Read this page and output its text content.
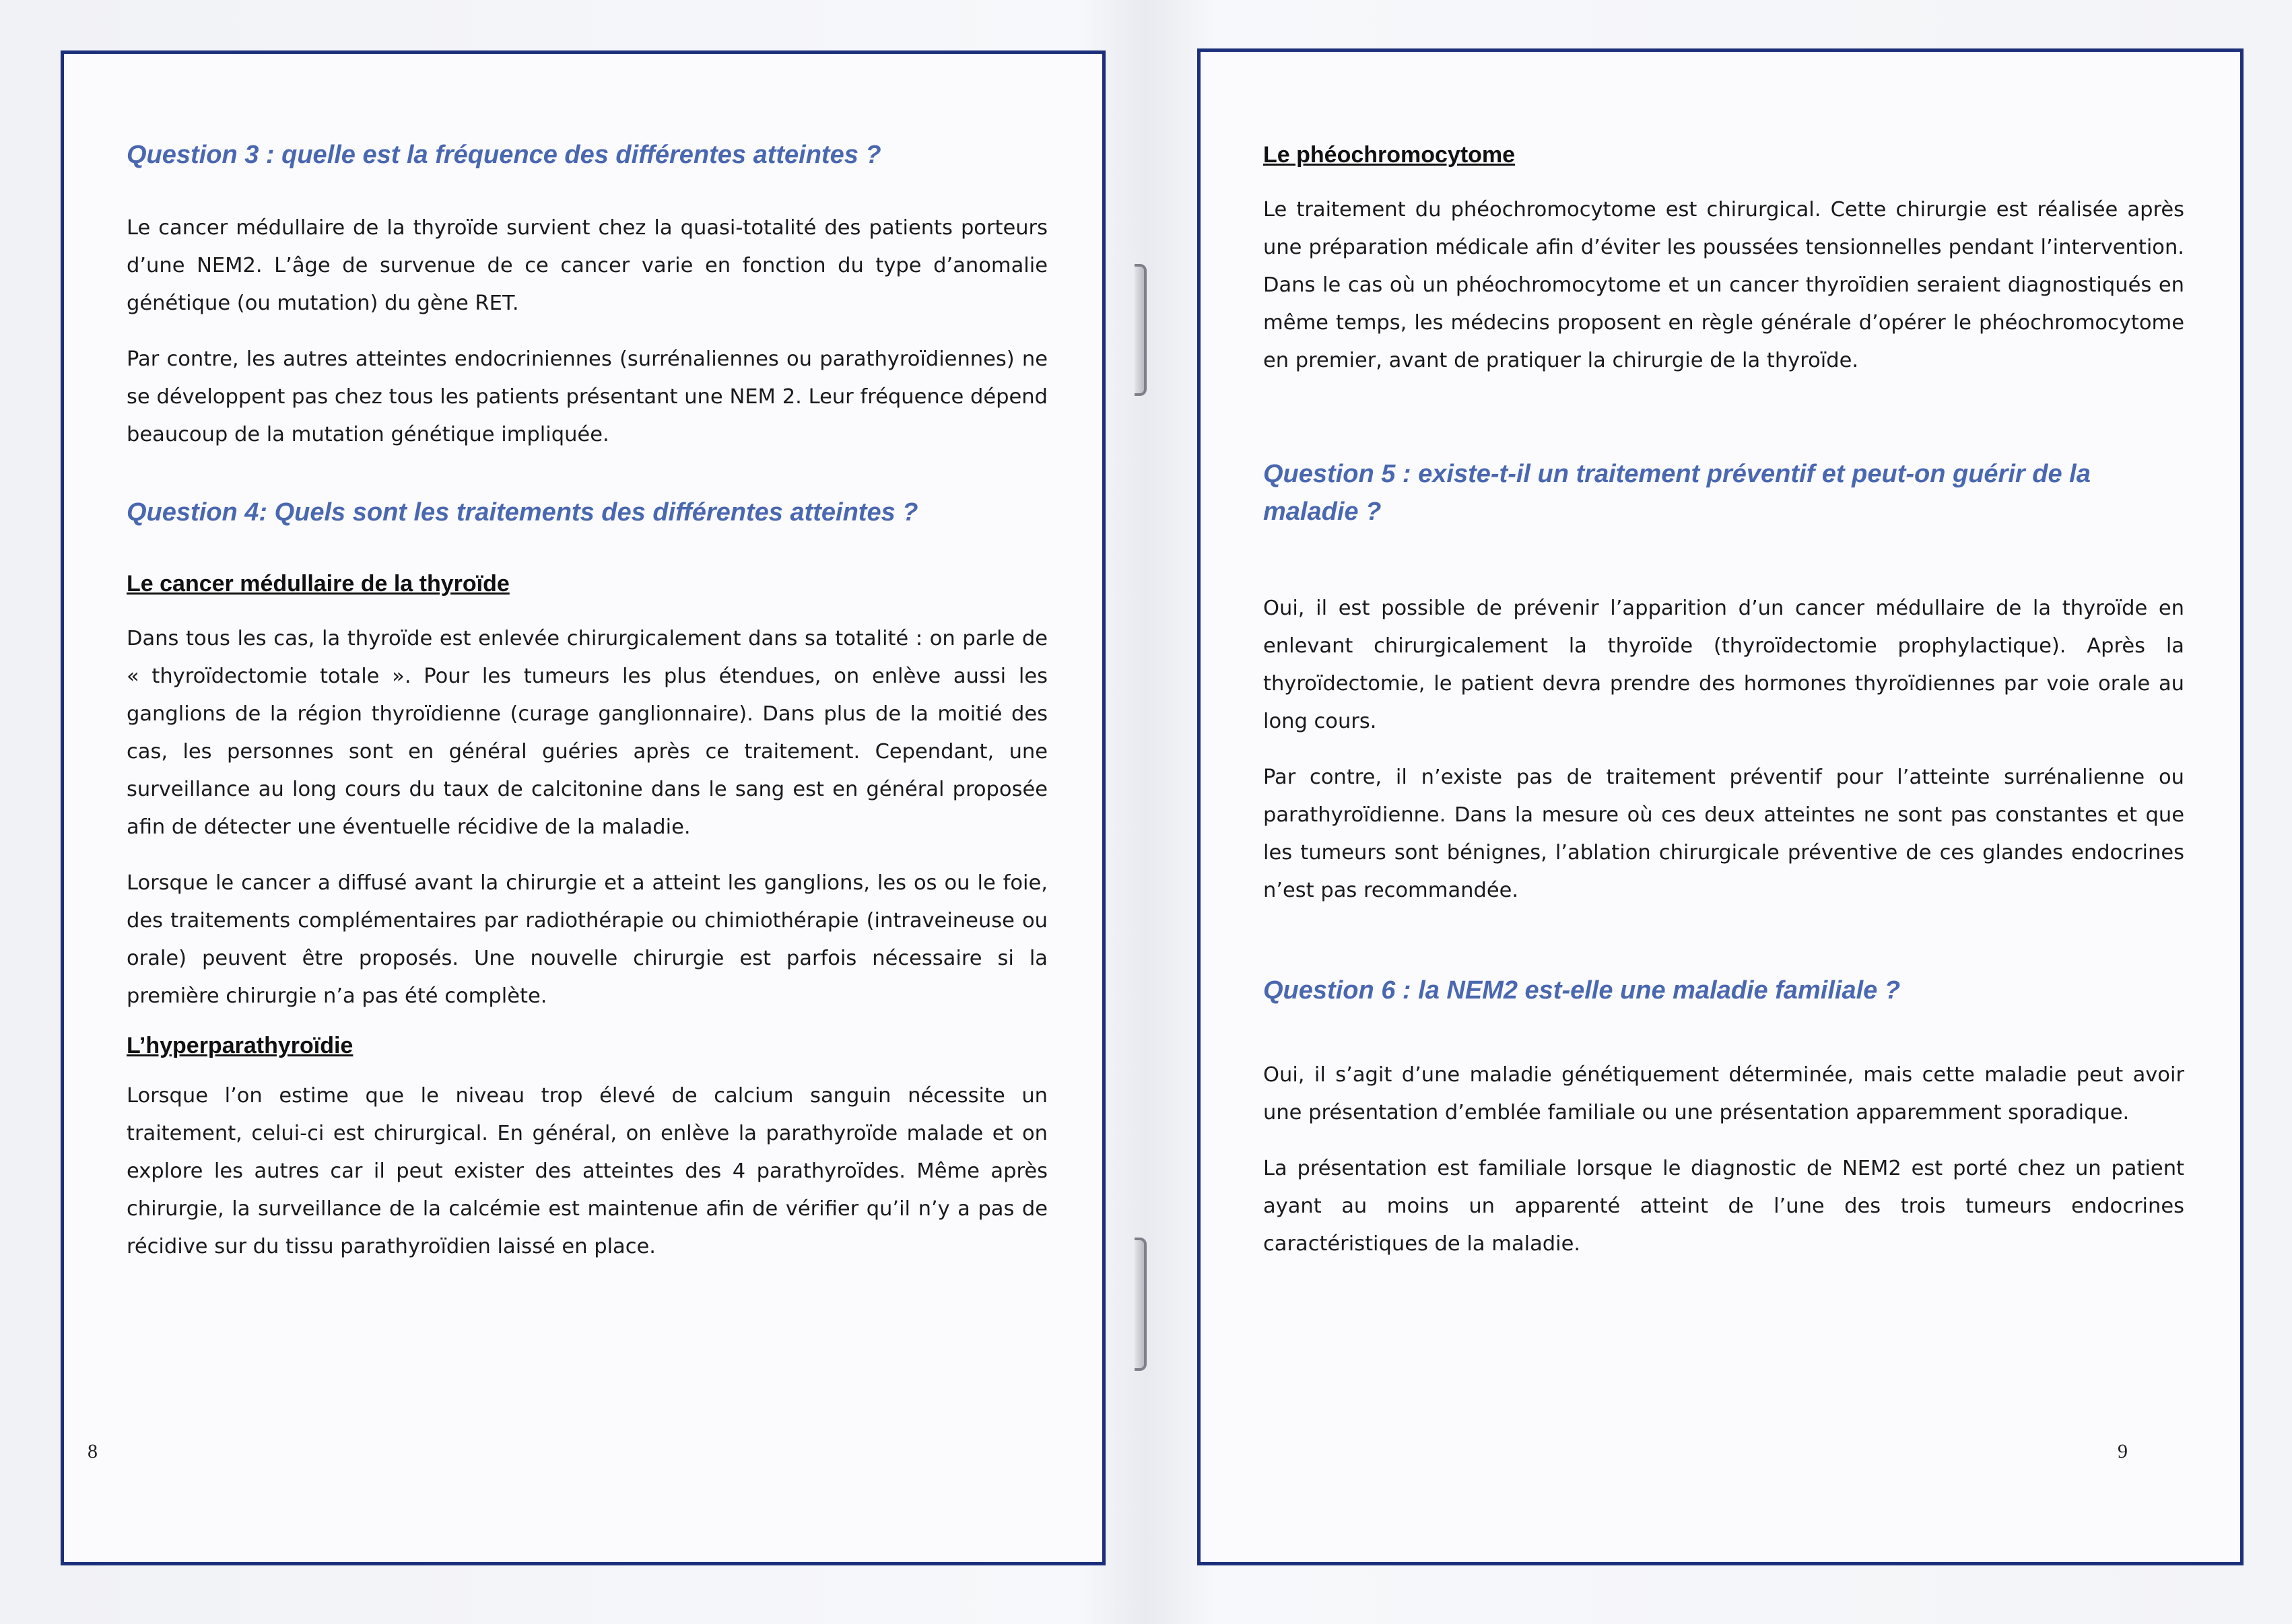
Question 3 : quelle est la fréquence des différentes atteintes ?

Le cancer médullaire de la thyroïde survient chez la quasi-totalité des patients porteurs d’une NEM2. L’âge de survenue de ce cancer varie en fonction du type d’anomalie génétique (ou mutation) du gène RET.

Par contre, les autres atteintes endocriniennes (surrénaliennes ou parathyroïdiennes) ne se développent pas chez tous les patients présentant une NEM 2. Leur fréquence dépend beaucoup de la mutation génétique impliquée.

Question 4: Quels sont les traitements des différentes atteintes ?

Le cancer médullaire de la thyroïde

Dans tous les cas, la thyroïde est enlevée chirurgicalement dans sa totalité : on parle de « thyroïdectomie totale ». Pour les tumeurs les plus étendues, on enlève aussi les ganglions de la région thyroïdienne (curage ganglionnaire). Dans plus de la moitié des cas, les personnes sont en général guéries après ce traitement. Cependant, une surveillance au long cours du taux de calcitonine dans le sang est en général proposée afin de détecter une éventuelle récidive de la maladie.

Lorsque le cancer a diffusé avant la chirurgie et a atteint les ganglions, les os ou le foie, des traitements complémentaires par radiothérapie ou chimiothérapie (intraveineuse ou orale) peuvent être proposés. Une nouvelle chirurgie est parfois nécessaire si la première chirurgie n’a pas été complète.

L’hyperparathyroïdie

Lorsque l’on estime que le niveau trop élevé de calcium sanguin nécessite un traitement, celui-ci est chirurgical. En général, on enlève la parathyroïde malade et on explore les autres car il peut exister des atteintes des 4 parathyroïdes. Même après chirurgie, la surveillance de la calcémie est maintenue afin de vérifier qu’il n’y a pas de récidive sur du tissu parathyroïdien laissé en place.

8

Le phéochromocytome

Le traitement du phéochromocytome est chirurgical. Cette chirurgie est réalisée après une préparation médicale afin d’éviter les poussées tensionnelles pendant l’intervention. Dans le cas où un phéochromocytome et un cancer thyroïdien seraient diagnostiqués en même temps, les médecins proposent en règle générale d’opérer le phéochromocytome en premier, avant de pratiquer la chirurgie de la thyroïde.

Question 5 : existe-t-il un traitement préventif et peut-on guérir de la maladie ?

Oui, il est possible de prévenir l’apparition d’un cancer médullaire de la thyroïde en enlevant chirurgicalement la thyroïde (thyroïdectomie prophylactique). Après la thyroïdectomie, le patient devra prendre des hormones thyroïdiennes par voie orale au long cours.

Par contre, il n’existe pas de traitement préventif pour l’atteinte surrénalienne ou parathyroïdienne. Dans la mesure où ces deux atteintes ne sont pas constantes et que les tumeurs sont bénignes, l’ablation chirurgicale préventive de ces glandes endocrines n’est pas recommandée.

Question 6 : la NEM2 est-elle une maladie familiale ?

Oui, il s’agit d’une maladie génétiquement déterminée, mais cette maladie peut avoir une présentation d’emblée familiale ou une présentation apparemment sporadique.

La présentation est familiale lorsque le diagnostic de NEM2 est porté chez un patient ayant au moins un apparenté atteint de l’une des trois tumeurs endocrines caractéristiques de la maladie.

9
